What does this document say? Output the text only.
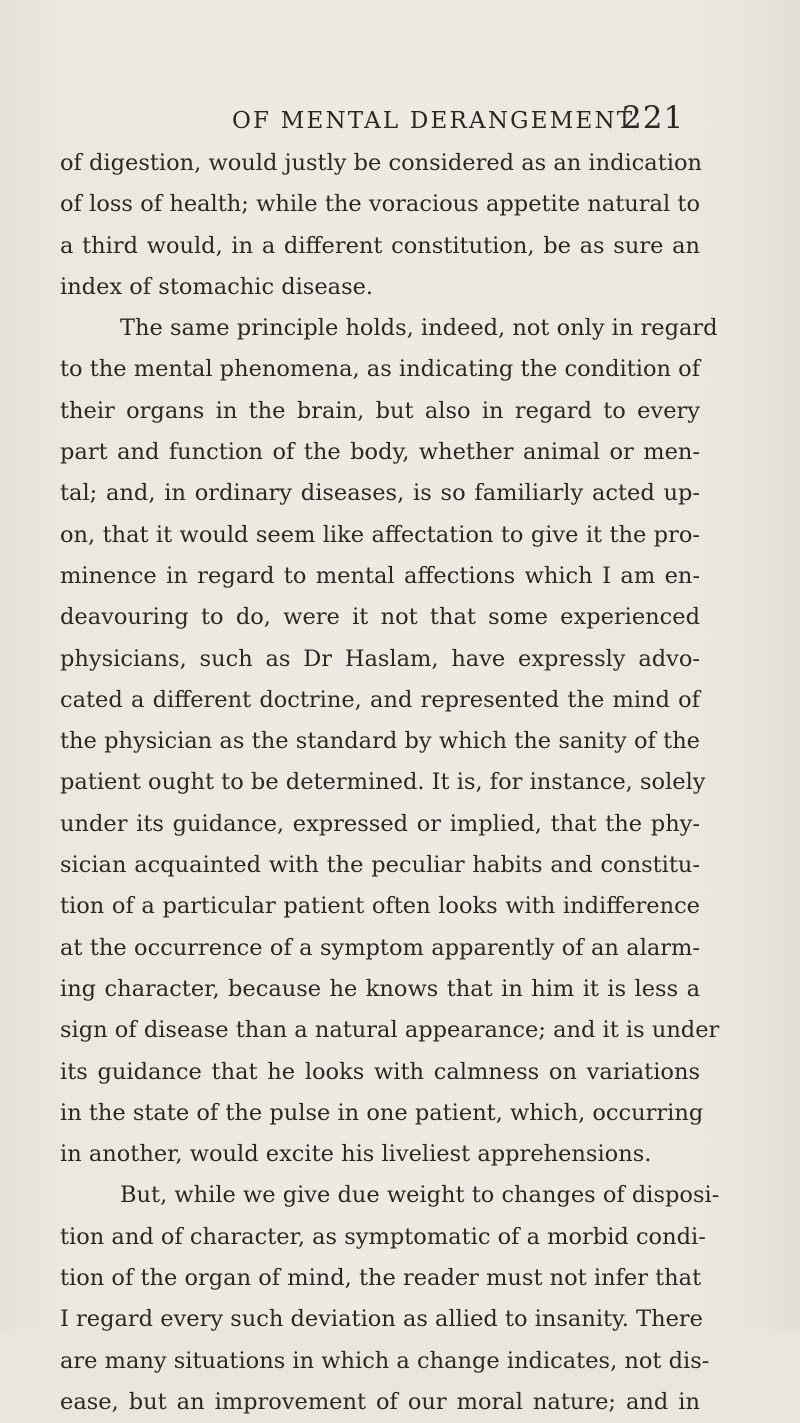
OF MENTAL DERANGEMENT.
221
of digestion, would justly be considered as an indication
of loss of health; while the voracious appetite natural to
a third would, in a different constitution, be as sure an
index of stomachic disease.
The same principle holds, indeed, not only in regard
to the mental phenomena, as indicating the condition of
their organs in the brain, but also in regard to every
part and function of the body, whether animal or men-
tal; and, in ordinary diseases, is so familiarly acted up-
on, that it would seem like affectation to give it the pro-
minence in regard to mental affections which I am en-
deavouring to do, were it not that some experienced
physicians, such as Dr Haslam, have expressly advo-
cated a different doctrine, and represented the mind of
the physician as the standard by which the sanity of the
patient ought to be determined. It is, for instance, solely
under its guidance, expressed or implied, that the phy-
sician acquainted with the peculiar habits and constitu-
tion of a particular patient often looks with indifference
at the occurrence of a symptom apparently of an alarm-
ing character, because he knows that in him it is less a
sign of disease than a natural appearance; and it is under
its guidance that he looks with calmness on variations
in the state of the pulse in one patient, which, occurring
in another, would excite his liveliest apprehensions.
But, while we give due weight to changes of disposi-
tion and of character, as symptomatic of a morbid condi-
tion of the organ of mind, the reader must not infer that
I regard every such deviation as allied to insanity. There
are many situations in which a change indicates, not dis-
ease, but an improvement of our moral nature; and in
